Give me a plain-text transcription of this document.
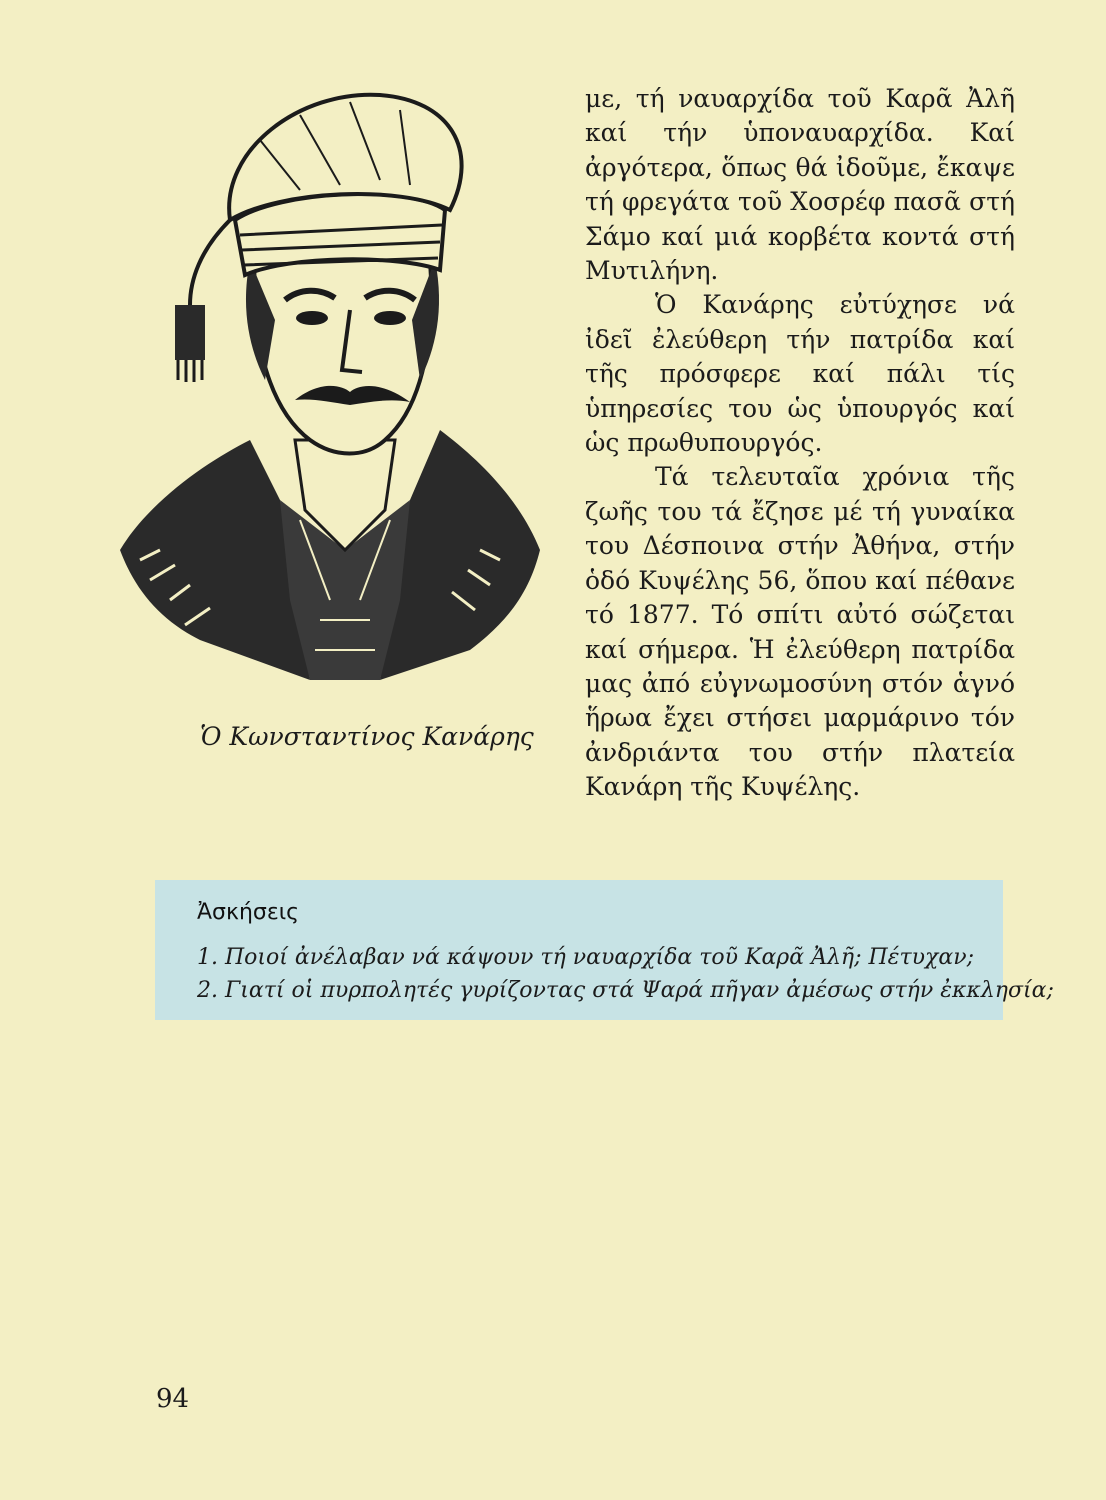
Ὁ Κωνσταντίνος Κανάρης

με, τή ναυαρχίδα τοῦ Καρᾶ Ἀλῆ καί τήν ὑποναυαρχίδα. Καί ἀργότερα, ὅπως θά ἰδοῦμε, ἔκαψε τή φρεγάτα τοῦ Χοσρέφ πασᾶ στή Σάμο καί μιά κορβέτα κοντά στή Μυτιλήνη.

Ὁ Κανάρης εὐτύχησε νά ἰδεῖ ἐλεύθερη τήν πατρίδα καί τῆς πρόσφερε καί πάλι τίς ὑπηρεσίες του ὡς ὑπουργός καί ὡς πρωθυπουργός.

Τά τελευταῖα χρόνια τῆς ζωῆς του τά ἔζησε μέ τή γυναίκα του Δέσποινα στήν Ἀθήνα, στήν ὁδό Κυψέλης 56, ὅπου καί πέθανε τό 1877. Τό σπίτι αὐτό σώζεται καί σήμερα. Ἡ ἐλεύθερη πατρίδα μας ἀπό εὐγνωμοσύνη στόν ἁγνό ἥρωα ἔχει στήσει μαρμάρινο τόν ἀνδριάντα του στήν πλατεία Κανάρη τῆς Κυψέλης.

Ἀσκήσεις
1. Ποιοί ἀνέλαβαν νά κάψουν τή ναυαρχίδα τοῦ Καρᾶ Ἀλῆ; Πέτυχαν;
2. Γιατί οἱ πυρπολητές γυρίζοντας στά Ψαρά πῆγαν ἀμέσως στήν ἐκκλησία;
94
